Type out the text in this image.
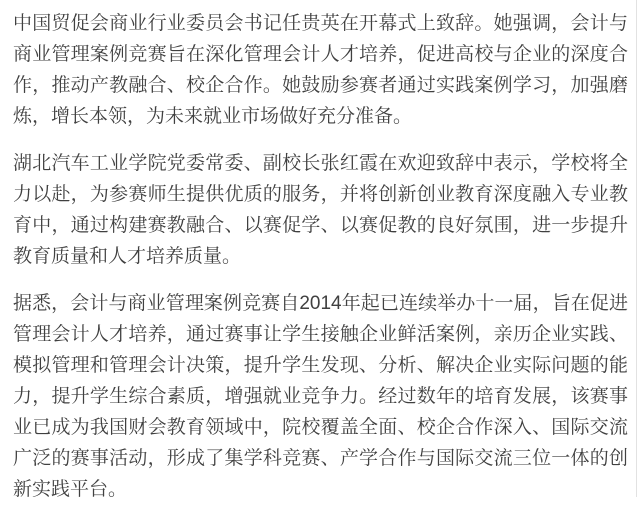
中国贸促会商业行业委员会书记任贵英在开幕式上致辞。她强调，会计与商业管理案例竞赛旨在深化管理会计人才培养，促进高校与企业的深度合作，推动产教融合、校企合作。她鼓励参赛者通过实践案例学习，加强磨炼，增长本领，为未来就业市场做好充分准备。

湖北汽车工业学院党委常委、副校长张红霞在欢迎致辞中表示，学校将全力以赴，为参赛师生提供优质的服务，并将创新创业教育深度融入专业教育中，通过构建赛教融合、以赛促学、以赛促教的良好氛围，进一步提升教育质量和人才培养质量。

据悉，会计与商业管理案例竞赛自2014年起已连续举办十一届，旨在促进管理会计人才培养，通过赛事让学生接触企业鲜活案例，亲历企业实践、模拟管理和管理会计决策，提升学生发现、分析、解决企业实际问题的能力，提升学生综合素质，增强就业竞争力。经过数年的培育发展，该赛事业已成为我国财会教育领域中，院校覆盖全面、校企合作深入、国际交流广泛的赛事活动，形成了集学科竞赛、产学合作与国际交流三位一体的创新实践平台。
